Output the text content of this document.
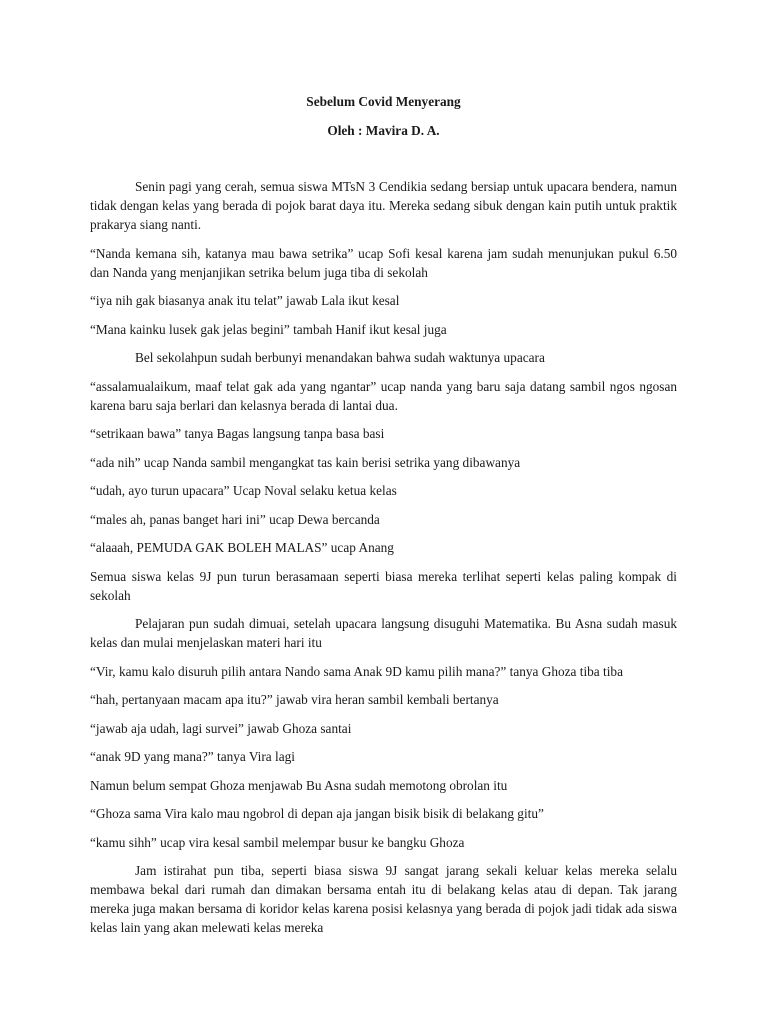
Sebelum Covid Menyerang
Oleh : Mavira D. A.

Senin pagi yang cerah, semua siswa MTsN 3 Cendikia sedang bersiap untuk upacara bendera, namun tidak dengan kelas yang berada di pojok barat daya itu. Mereka sedang sibuk dengan kain putih untuk praktik prakarya siang nanti.

“Nanda kemana sih, katanya mau bawa setrika” ucap Sofi kesal karena jam sudah menunjukan pukul 6.50 dan Nanda yang menjanjikan setrika belum juga tiba di sekolah

“iya nih gak biasanya anak itu telat” jawab Lala ikut kesal

“Mana kainku lusek gak jelas begini” tambah Hanif ikut kesal juga

Bel sekolahpun sudah berbunyi menandakan bahwa sudah waktunya upacara

“assalamualaikum, maaf telat gak ada yang ngantar” ucap nanda yang baru saja datang sambil ngos ngosan karena baru saja berlari dan kelasnya berada di lantai dua.

“setrikaan bawa” tanya Bagas langsung tanpa basa basi

“ada nih” ucap Nanda sambil mengangkat tas kain berisi setrika yang dibawanya

“udah, ayo turun upacara” Ucap Noval selaku ketua kelas

“males ah, panas banget hari ini” ucap Dewa bercanda

“alaaah, PEMUDA GAK BOLEH MALAS” ucap Anang

Semua siswa kelas 9J pun turun berasamaan seperti biasa mereka terlihat seperti kelas paling kompak di sekolah

Pelajaran pun sudah dimuai, setelah upacara langsung disuguhi Matematika. Bu Asna sudah masuk kelas dan mulai menjelaskan materi hari itu

“Vir, kamu kalo disuruh pilih antara Nando sama Anak 9D kamu pilih mana?” tanya Ghoza tiba tiba

“hah, pertanyaan macam apa itu?” jawab vira heran sambil kembali bertanya

“jawab aja udah, lagi survei” jawab Ghoza santai

“anak 9D yang mana?” tanya Vira lagi

Namun belum sempat Ghoza menjawab Bu Asna sudah memotong obrolan itu

“Ghoza sama Vira kalo mau ngobrol di depan aja jangan bisik bisik di belakang gitu”

“kamu sihh” ucap vira kesal sambil melempar busur ke bangku Ghoza

Jam istirahat pun tiba, seperti biasa siswa 9J sangat jarang sekali keluar kelas mereka selalu membawa bekal dari rumah dan dimakan bersama entah itu di belakang kelas atau di depan. Tak jarang mereka juga makan bersama di koridor kelas karena posisi kelasnya yang berada di pojok jadi tidak ada siswa kelas lain yang akan melewati kelas mereka
